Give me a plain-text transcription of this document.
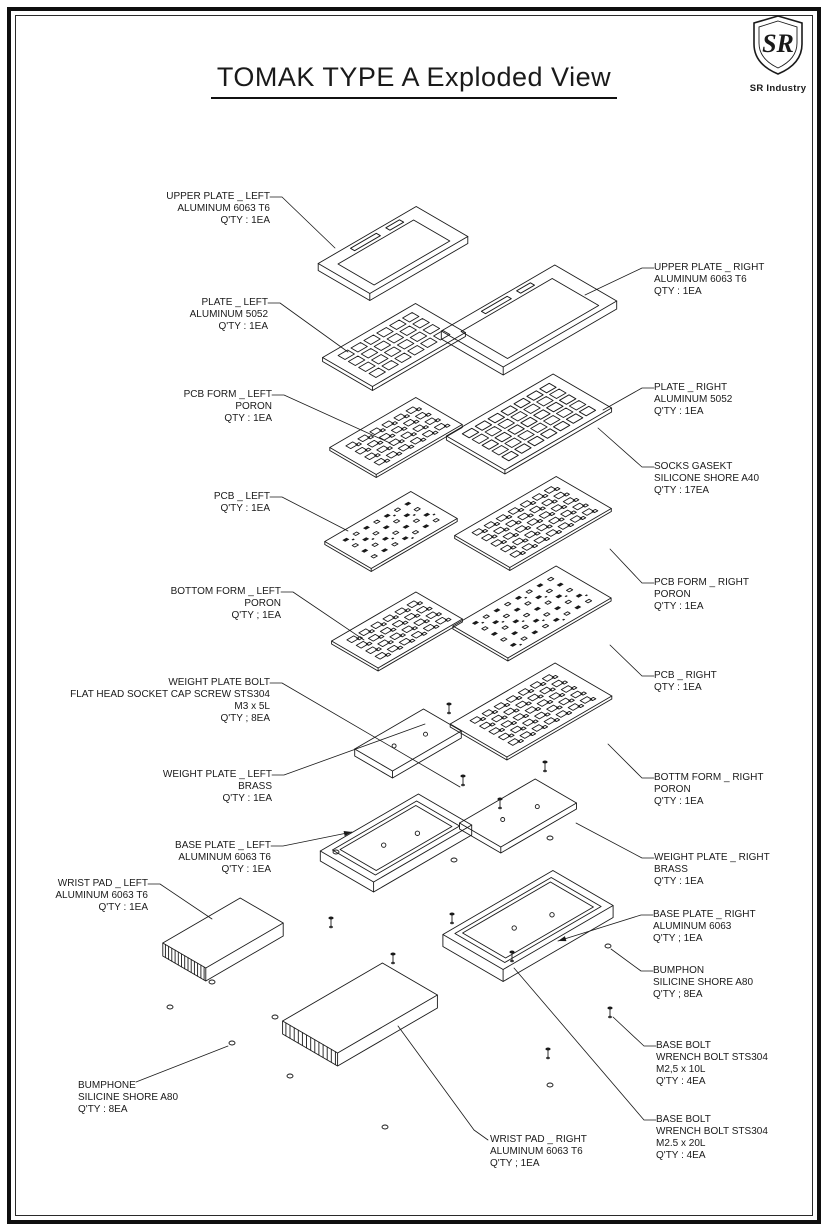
TOMAK TYPE A Exploded View
SR
SR Industry
UPPER PLATE _ LEFT
ALUMINUM 6063 T6
Q'TY : 1EA
PLATE _ LEFT
ALUMINUM 5052
Q'TY : 1EA
PCB FORM _ LEFT
PORON
QTY : 1EA
PCB _ LEFT
Q'TY : 1EA
BOTTOM FORM _ LEFT
PORON
Q'TY ; 1EA
WEIGHT PLATE BOLT
FLAT HEAD SOCKET CAP SCREW STS304
M3 x 5L
Q'TY ; 8EA
WEIGHT PLATE _ LEFT
BRASS
Q'TY : 1EA
BASE PLATE _ LEFT
ALUMINUM 6063 T6
Q'TY : 1EA
WRIST PAD _ LEFT
ALUMINUM 6063 T6
Q'TY : 1EA
BUMPHONE
SILICINE SHORE A80
Q'TY : 8EA
UPPER PLATE _ RIGHT
ALUMINUM 6063 T6
QTY : 1EA
PLATE _ RIGHT
ALUMINUM 5052
Q'TY : 1EA
SOCKS GASEKT
SILICONE SHORE A40
Q'TY : 17EA
PCB FORM _ RIGHT
PORON
Q'TY : 1EA
PCB _ RIGHT
QTY : 1EA
BOTTM FORM _ RIGHT
PORON
Q'TY : 1EA
WEIGHT PLATE _ RIGHT
BRASS
Q'TY : 1EA
BASE PLATE _ RIGHT
ALUMINUM 6063
Q'TY ; 1EA
BUMPHON
SILICINE SHORE A80
Q'TY ; 8EA
BASE BOLT
WRENCH BOLT STS304
M2,5 x 10L
Q'TY : 4EA
BASE BOLT
WRENCH BOLT STS304
M2.5 x 20L
Q'TY : 4EA
WRIST PAD _ RIGHT
ALUMINUM 6063 T6
Q'TY ; 1EA
